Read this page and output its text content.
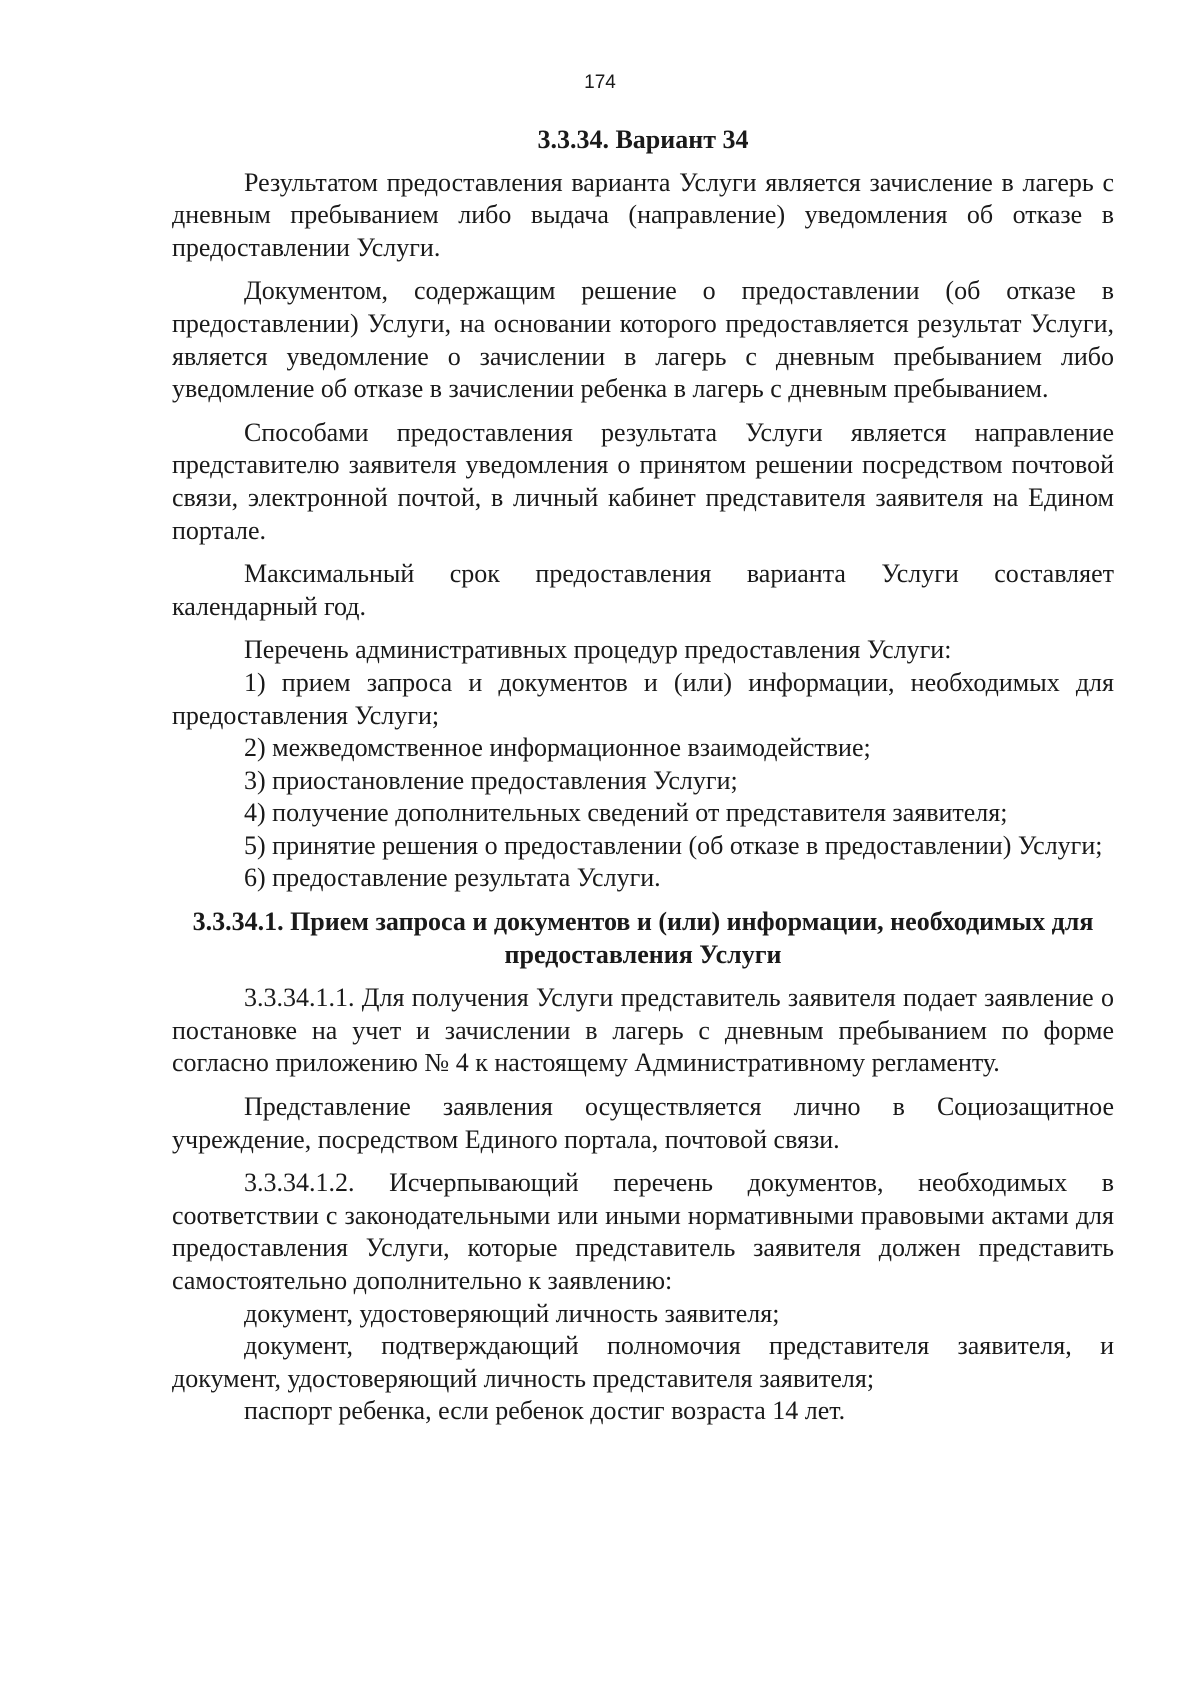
174
3.3.34. Вариант 34

Результатом предоставления варианта Услуги является зачисление в лагерь с дневным пребыванием либо выдача (направление) уведомления об отказе в предоставлении Услуги.

Документом, содержащим решение о предоставлении (об отказе в предоставлении) Услуги, на основании которого предоставляется результат Услуги, является уведомление о зачислении в лагерь с дневным пребыванием либо уведомление об отказе в зачислении ребенка в лагерь с дневным пребыванием.

Способами предоставления результата Услуги является направление представителю заявителя уведомления о принятом решении посредством почтовой связи, электронной почтой, в личный кабинет представителя заявителя на Едином портале.

Максимальный срок предоставления варианта Услуги составляет календарный год.

Перечень административных процедур предоставления Услуги:

1) прием запроса и документов и (или) информации, необходимых для предоставления Услуги;

2) межведомственное информационное взаимодействие;

3) приостановление предоставления Услуги;

4) получение дополнительных сведений от представителя заявителя;

5) принятие решения о предоставлении (об отказе в предоставлении) Услуги;

6) предоставление результата Услуги.

3.3.34.1. Прием запроса и документов и (или) информации, необходимых для предоставления Услуги

3.3.34.1.1. Для получения Услуги представитель заявителя подает заявление о постановке на учет и зачислении в лагерь с дневным пребыванием по форме согласно приложению № 4 к настоящему Административному регламенту.

Представление заявления осуществляется лично в Социозащитное учреждение, посредством Единого портала, почтовой связи.

3.3.34.1.2. Исчерпывающий перечень документов, необходимых в соответствии с законодательными или иными нормативными правовыми актами для предоставления Услуги, которые представитель заявителя должен представить самостоятельно дополнительно к заявлению:

документ, удостоверяющий личность заявителя;

документ, подтверждающий полномочия представителя заявителя, и документ, удостоверяющий личность представителя заявителя;

паспорт ребенка, если ребенок достиг возраста 14 лет.
